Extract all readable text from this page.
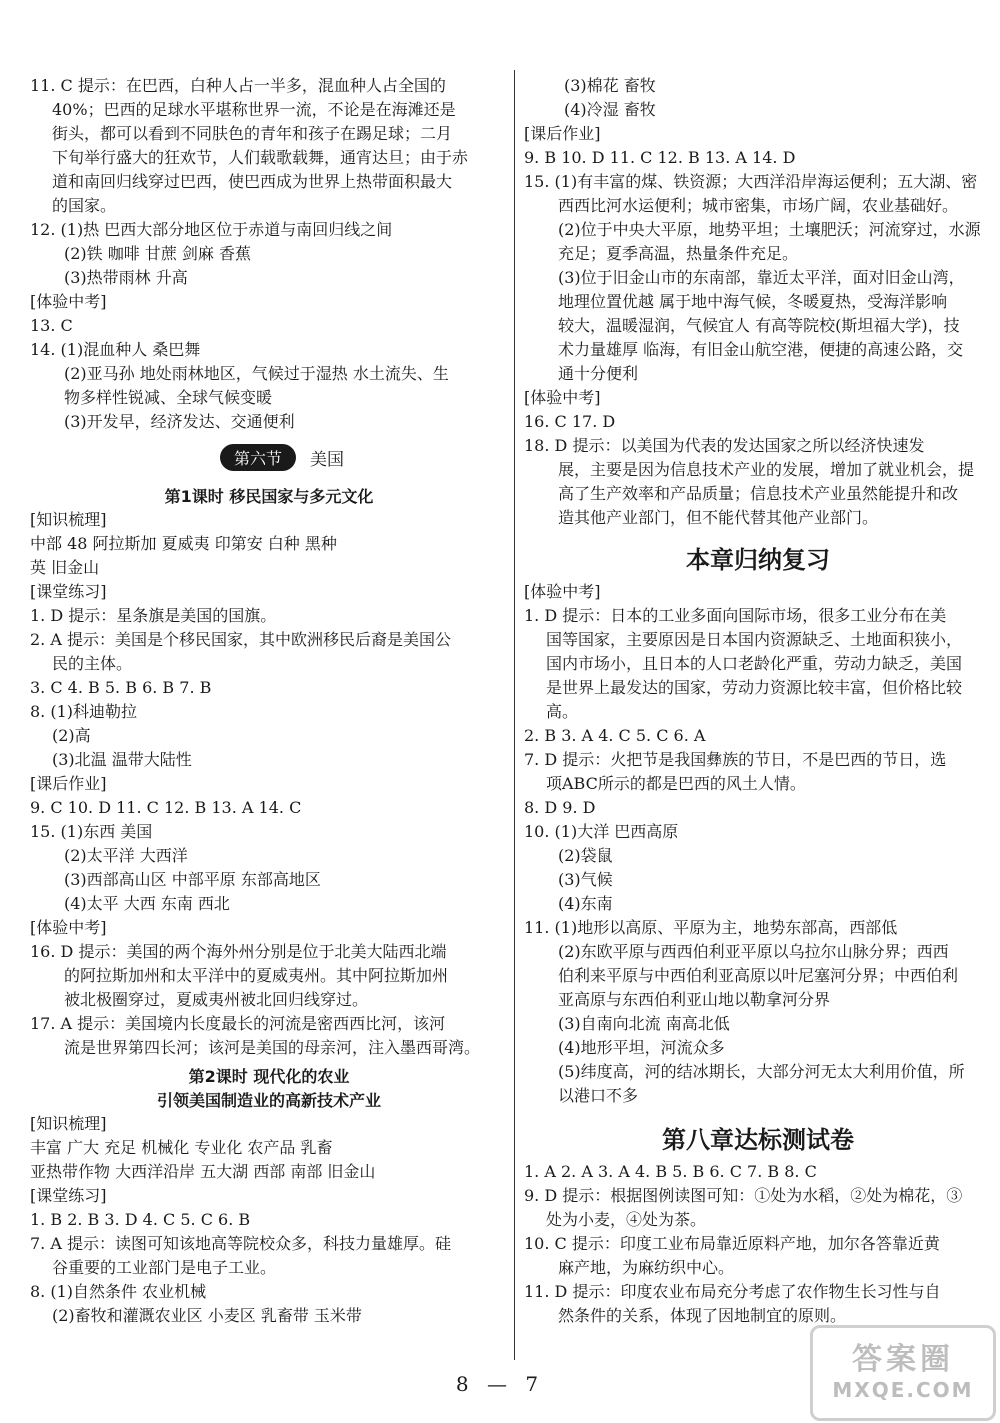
11. C 提示：在巴西，白种人占一半多，混血种人占全国的
40%；巴西的足球水平堪称世界一流，不论是在海滩还是
街头，都可以看到不同肤色的青年和孩子在踢足球；二月
下旬举行盛大的狂欢节，人们载歌载舞，通宵达旦；由于赤
道和南回归线穿过巴西，使巴西成为世界上热带面积最大
的国家。
12. (1)热 巴西大部分地区位于赤道与南回归线之间
(2)铁 咖啡 甘蔗 剑麻 香蕉
(3)热带雨林 升高
[体验中考]
13. C
14. (1)混血种人 桑巴舞
(2)亚马孙 地处雨林地区，气候过于湿热 水土流失、生
物多样性锐减、全球气候变暖
(3)开发早，经济发达、交通便利
第六节	美国
第1课时 移民国家与多元文化
[知识梳理]
中部 48 阿拉斯加 夏威夷 印第安 白种 黑种
英 旧金山
[课堂练习]
1. D 提示：星条旗是美国的国旗。
2. A 提示：美国是个移民国家，其中欧洲移民后裔是美国公
民的主体。
3. C 4. B 5. B 6. B 7. B
8. (1)科迪勒拉
(2)高
(3)北温 温带大陆性
[课后作业]
9. C 10. D 11. C 12. B 13. A 14. C
15. (1)东西 美国
(2)太平洋 大西洋
(3)西部高山区 中部平原 东部高地区
(4)太平 大西 东南 西北
[体验中考]
16. D 提示：美国的两个海外州分别是位于北美大陆西北端
的阿拉斯加州和太平洋中的夏威夷州。其中阿拉斯加州
被北极圈穿过，夏威夷州被北回归线穿过。
17. A 提示：美国境内长度最长的河流是密西西比河，该河
流是世界第四长河；该河是美国的母亲河，注入墨西哥湾。
第2课时 现代化的农业
引领美国制造业的高新技术产业
[知识梳理]
丰富 广大 充足 机械化 专业化 农产品 乳畜
亚热带作物 大西洋沿岸 五大湖 西部 南部 旧金山
[课堂练习]
1. B 2. B 3. D 4. C 5. C 6. B
7. A 提示：读图可知该地高等院校众多，科技力量雄厚。硅
谷重要的工业部门是电子工业。
8. (1)自然条件 农业机械
(2)畜牧和灌溉农业区 小麦区 乳畜带 玉米带
(3)棉花 畜牧
(4)冷湿 畜牧
[课后作业]
9. B 10. D 11. C 12. B 13. A 14. D
15. (1)有丰富的煤、铁资源；大西洋沿岸海运便利；五大湖、密
西西比河水运便利；城市密集，市场广阔，农业基础好。
(2)位于中央大平原，地势平坦；土壤肥沃；河流穿过，水源
充足；夏季高温，热量条件充足。
(3)位于旧金山市的东南部，靠近太平洋，面对旧金山湾，
地理位置优越 属于地中海气候，冬暖夏热，受海洋影响
较大，温暖湿润，气候宜人 有高等院校(斯坦福大学)，技
术力量雄厚 临海，有旧金山航空港，便捷的高速公路，交
通十分便利
[体验中考]
16. C 17. D
18. D 提示：以美国为代表的发达国家之所以经济快速发
展，主要是因为信息技术产业的发展，增加了就业机会，提
高了生产效率和产品质量；信息技术产业虽然能提升和改
造其他产业部门，但不能代替其他产业部门。
本章归纳复习
[体验中考]
1. D 提示：日本的工业多面向国际市场，很多工业分布在美
国等国家，主要原因是日本国内资源缺乏、土地面积狭小，
国内市场小，且日本的人口老龄化严重，劳动力缺乏，美国
是世界上最发达的国家，劳动力资源比较丰富，但价格比较
高。
2. B 3. A 4. C 5. C 6. A
7. D 提示：火把节是我国彝族的节日，不是巴西的节日，选
项ABC所示的都是巴西的风土人情。
8. D 9. D
10. (1)大洋 巴西高原
(2)袋鼠
(3)气候
(4)东南
11. (1)地形以高原、平原为主，地势东部高，西部低
(2)东欧平原与西西伯利亚平原以乌拉尔山脉分界；西西
伯利来平原与中西伯利亚高原以叶尼塞河分界；中西伯利
亚高原与东西伯利亚山地以勒拿河分界
(3)自南向北流 南高北低
(4)地形平坦，河流众多
(5)纬度高，河的结冰期长，大部分河无太大利用价值，所
以港口不多
第八章达标测试卷
1. A 2. A 3. A 4. B 5. B 6. C 7. B 8. C
9. D 提示：根据图例读图可知：①处为水稻，②处为棉花，③
处为小麦，④处为茶。
10. C 提示：印度工业布局靠近原料产地，加尔各答靠近黄
麻产地，为麻纺织中心。
11. D 提示：印度农业布局充分考虑了农作物生长习性与自
然条件的关系，体现了因地制宜的原则。
8 — 7
答案圈
MXQE.COM
